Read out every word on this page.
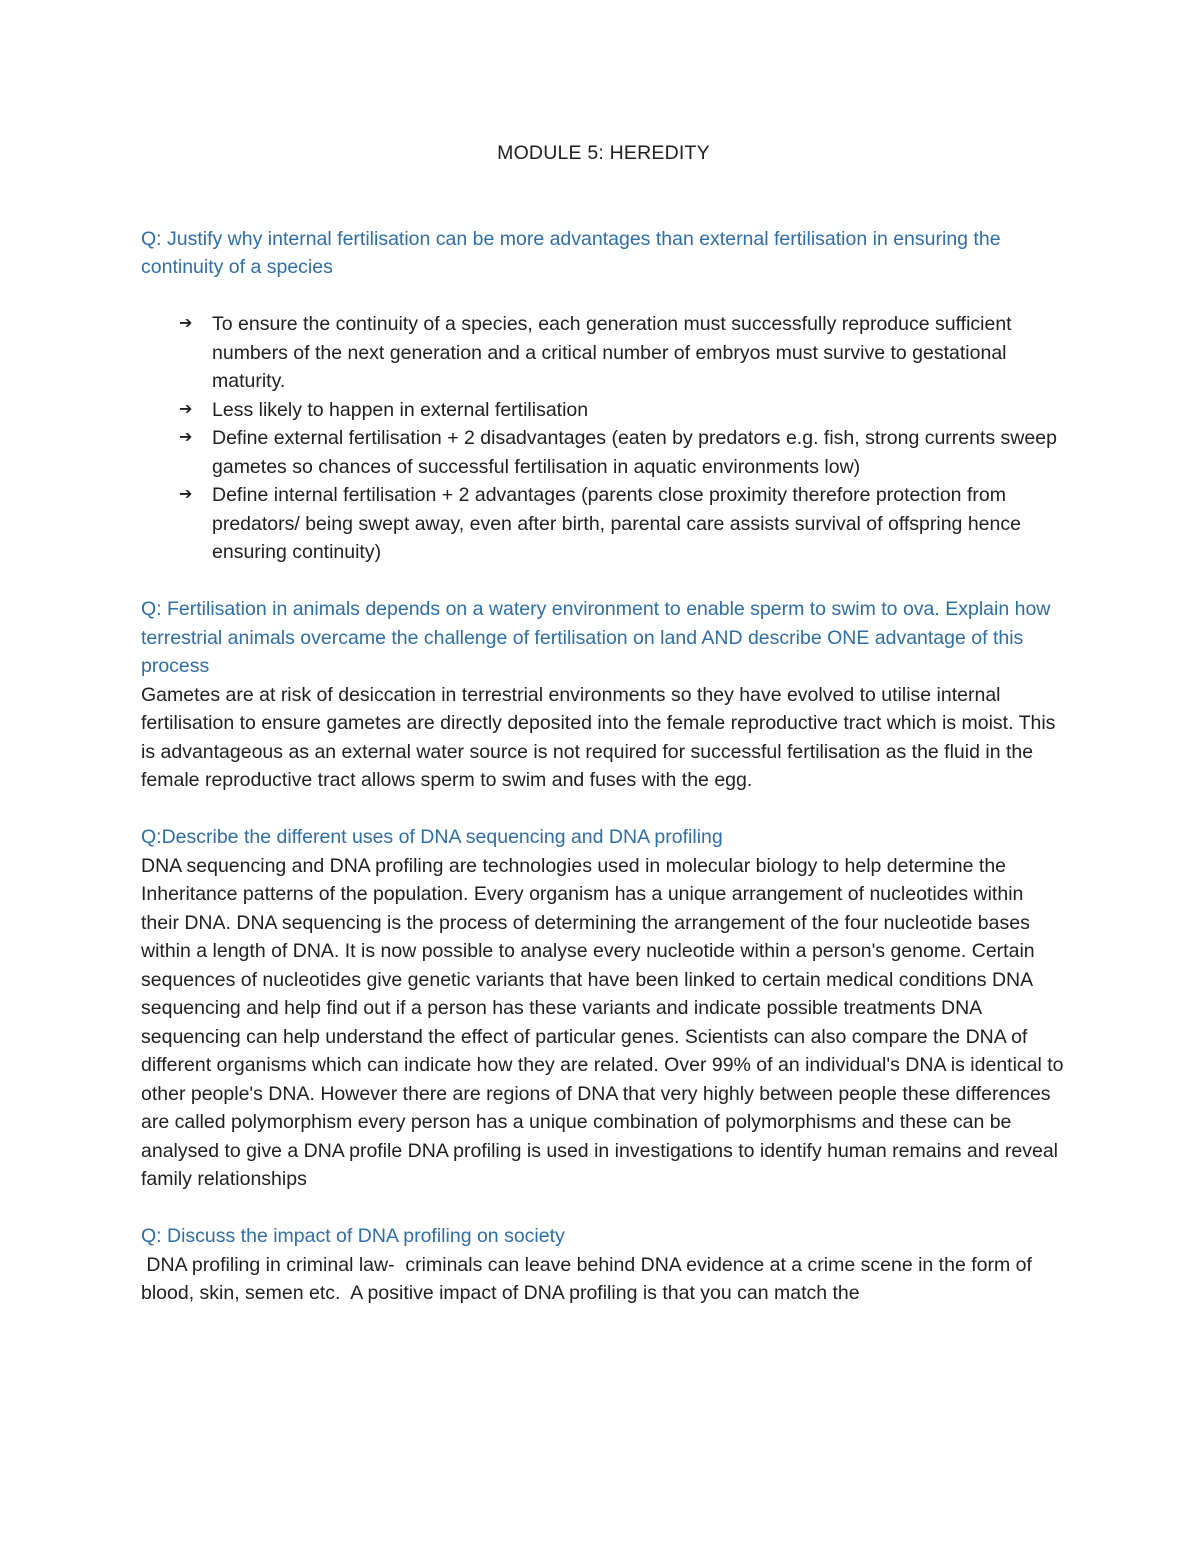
MODULE 5: HEREDITY

Q: Justify why internal fertilisation can be more advantages than external fertilisation in ensuring the continuity of a species

➔ To ensure the continuity of a species, each generation must successfully reproduce sufficient numbers of the next generation and a critical number of embryos must survive to gestational maturity.
➔ Less likely to happen in external fertilisation
➔ Define external fertilisation + 2 disadvantages (eaten by predators e.g. fish, strong currents sweep gametes so chances of successful fertilisation in aquatic environments low)
➔ Define internal fertilisation + 2 advantages (parents close proximity therefore protection from predators/ being swept away, even after birth, parental care assists survival of offspring hence ensuring continuity)

Q: Fertilisation in animals depends on a watery environment to enable sperm to swim to ova. Explain how terrestrial animals overcame the challenge of fertilisation on land AND describe ONE advantage of this process

Gametes are at risk of desiccation in terrestrial environments so they have evolved to utilise internal fertilisation to ensure gametes are directly deposited into the female reproductive tract which is moist. This is advantageous as an external water source is not required for successful fertilisation as the fluid in the female reproductive tract allows sperm to swim and fuses with the egg.

Q:Describe the different uses of DNA sequencing and DNA profiling

DNA sequencing and DNA profiling are technologies used in molecular biology to help determine the Inheritance patterns of the population. Every organism has a unique arrangement of nucleotides within their DNA. DNA sequencing is the process of determining the arrangement of the four nucleotide bases within a length of DNA. It is now possible to analyse every nucleotide within a person's genome. Certain sequences of nucleotides give genetic variants that have been linked to certain medical conditions DNA sequencing and help find out if a person has these variants and indicate possible treatments DNA sequencing can help understand the effect of particular genes. Scientists can also compare the DNA of different organisms which can indicate how they are related. Over 99% of an individual's DNA is identical to other people's DNA. However there are regions of DNA that very highly between people these differences are called polymorphism every person has a unique combination of polymorphisms and these can be analysed to give a DNA profile DNA profiling is used in investigations to identify human remains and reveal family relationships

Q: Discuss the impact of DNA profiling on society

DNA profiling in criminal law-  criminals can leave behind DNA evidence at a crime scene in the form of blood, skin, semen etc.  A positive impact of DNA profiling is that you can match the
